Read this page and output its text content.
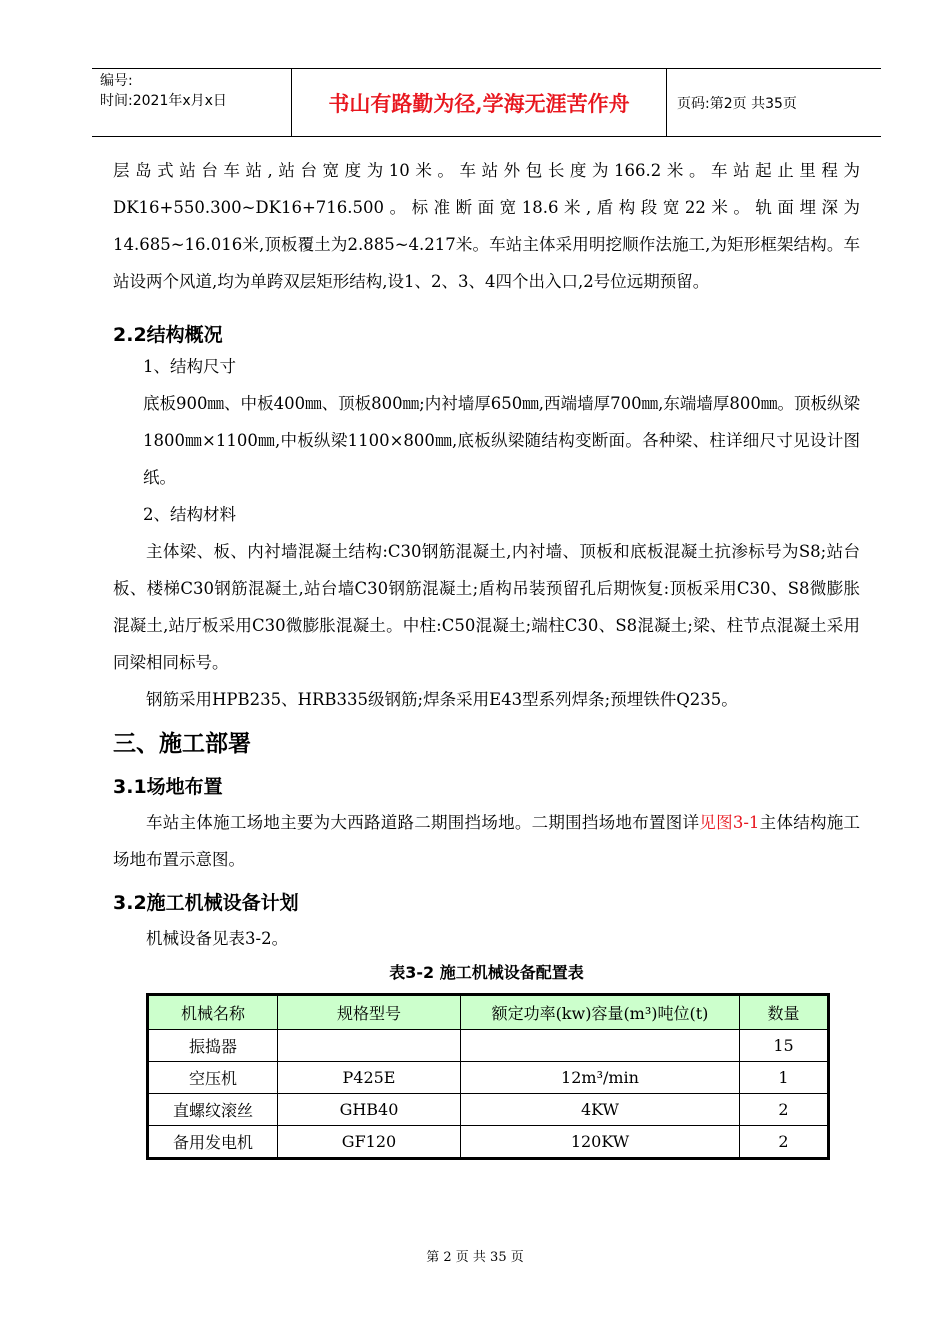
编号:
时间:2021年x月x日	书山有路勤为径,学海无涯苦作舟	页码:第2页 共35页

层岛式站台车站,站台宽度为10米。车站外包长度为166.2米。车站起止里程为DK16+550.300~DK16+716.500。标准断面宽18.6米,盾构段宽22米。轨面埋深为14.685~16.016米,顶板覆土为2.885~4.217米。车站主体采用明挖顺作法施工,为矩形框架结构。车站设两个风道,均为单跨双层矩形结构,设1、2、3、4四个出入口,2号位远期预留。

2.2结构概况

1、结构尺寸

底板900㎜、中板400㎜、顶板800㎜;内衬墙厚650㎜,西端墙厚700㎜,东端墙厚800㎜。顶板纵梁1800㎜×1100㎜,中板纵梁1100×800㎜,底板纵梁随结构变断面。各种梁、柱详细尺寸见设计图纸。

2、结构材料

主体梁、板、内衬墙混凝土结构:C30钢筋混凝土,内衬墙、顶板和底板混凝土抗渗标号为S8;站台板、楼梯C30钢筋混凝土,站台墙C30钢筋混凝土;盾构吊装预留孔后期恢复:顶板采用C30、S8微膨胀混凝土,站厅板采用C30微膨胀混凝土。中柱:C50混凝土;端柱C30、S8混凝土;梁、柱节点混凝土采用同梁相同标号。

钢筋采用HPB235、HRB335级钢筋;焊条采用E43型系列焊条;预埋铁件Q235。

三、施工部署
3.1场地布置

车站主体施工场地主要为大西路道路二期围挡场地。二期围挡场地布置图详见图3-1主体结构施工场地布置示意图。

3.2施工机械设备计划

机械设备见表3-2。

表3-2 施工机械设备配置表
机械名称	规格型号	额定功率(kw)容量(m³)吨位(t)	数量
振捣器			15
空压机	P425E	12m³/min	1
直螺纹滚丝	GHB40	4KW	2
备用发电机	GF120	120KW	2
第 2 页 共 35 页
